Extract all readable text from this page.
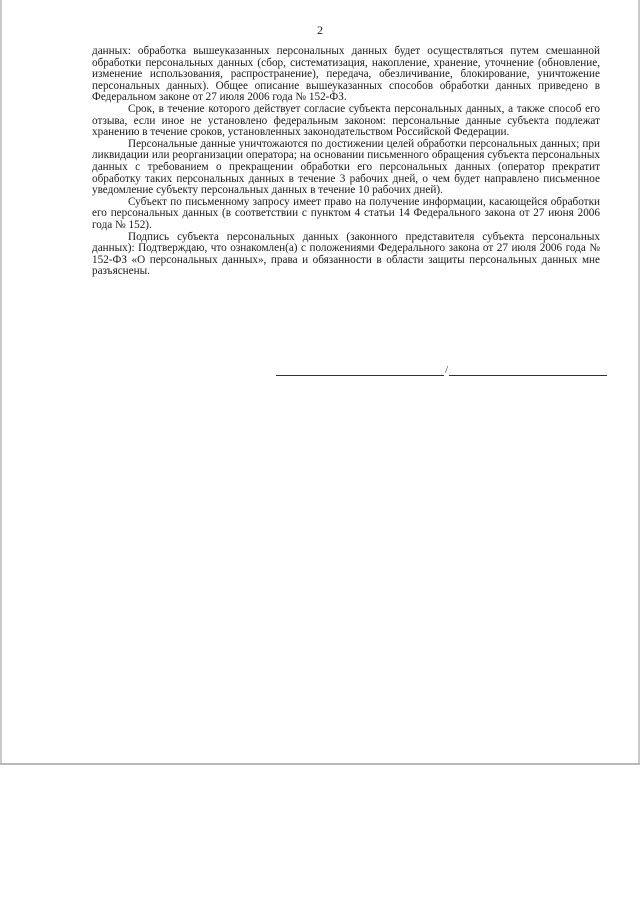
2

данных: обработка вышеуказанных персональных данных будет осуществляться путем смешанной обработки персональных данных (сбор, систематизация, накопление, хранение, уточнение (обновление, изменение использования, распространение), передача, обезличивание, блокирование, уничтожение персональных данных). Общее описание вышеуказанных способов обработки данных приведено в Федеральном законе от 27 июля 2006 года № 152-ФЗ.

Срок, в течение которого действует согласие субъекта персональных данных, а также способ его отзыва, если иное не установлено федеральным законом: персональные данные субъекта подлежат хранению в течение сроков, установленных законодательством Российской Федерации.

Персональные данные уничтожаются по достижении целей обработки персональных данных; при ликвидации или реорганизации оператора; на основании письменного обращения субъекта персональных данных с требованием о прекращении обработки его персональных данных (оператор прекратит обработку таких персональных данных в течение 3 рабочих дней, о чем будет направлено письменное уведомление субъекту персональных данных в течение 10 рабочих дней).

Субъект по письменному запросу имеет право на получение информации, касающейся обработки его персональных данных (в соответствии с пунктом 4 статьи 14 Федерального закона от 27 июня 2006 года № 152).

Подпись субъекта персональных данных (законного представителя субъекта персональных данных): Подтверждаю, что ознакомлен(а) с положениями Федерального закона от 27 июля 2006 года № 152-ФЗ «О персональных данных», права и обязанности в области защиты персональных данных мне разъяснены.

/
